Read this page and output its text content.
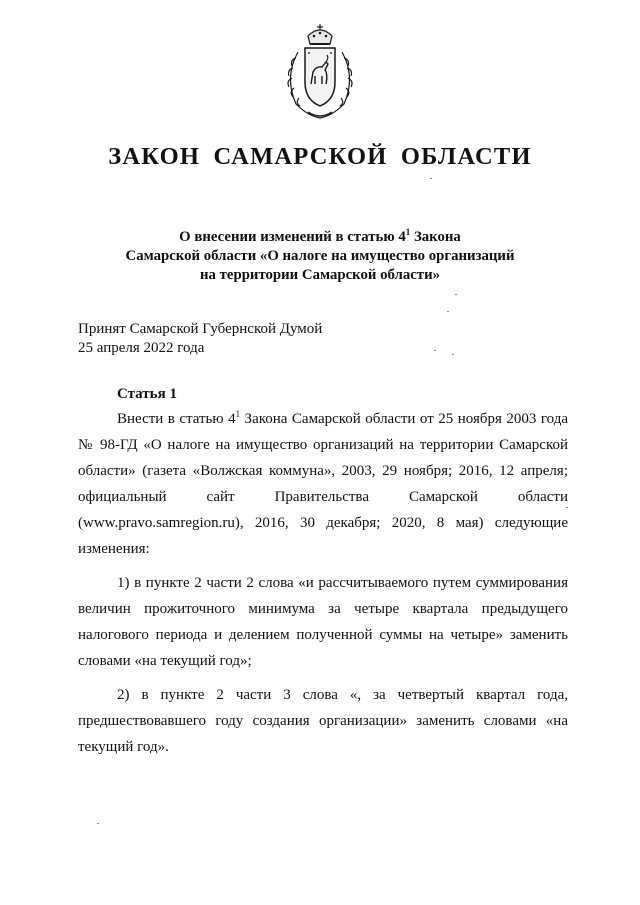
ЗАКОН САМАРСКОЙ ОБЛАСТИ
О внесении изменений в статью $4^1$ Закона
Самарской области «О налоге на имущество организаций
на территории Самарской области»
Принят Самарской Губернской Думой
25 апреля 2022 года
Статья 1

Внести в статью $4^1$ Закона Самарской области от 25 ноября 2003 года № 98-ГД «О налоге на имущество организаций на территории Самарской области» (газета «Волжская коммуна», 2003, 29 ноября; 2016, 12 апреля; официальный сайт Правительства Самарской области (www.pravo.samregion.ru), 2016, 30 декабря; 2020, 8 мая) следующие изменения:

1) в пункте 2 части 2 слова «и рассчитываемого путем суммирования величин прожиточного минимума за четыре квартала предыдущего налогового периода и делением полученной суммы на четыре» заменить словами «на текущий год»;

2) в пункте 2 части 3 слова «, за четвертый квартал года, предшествовавшего году создания организации» заменить словами «на текущий год».
